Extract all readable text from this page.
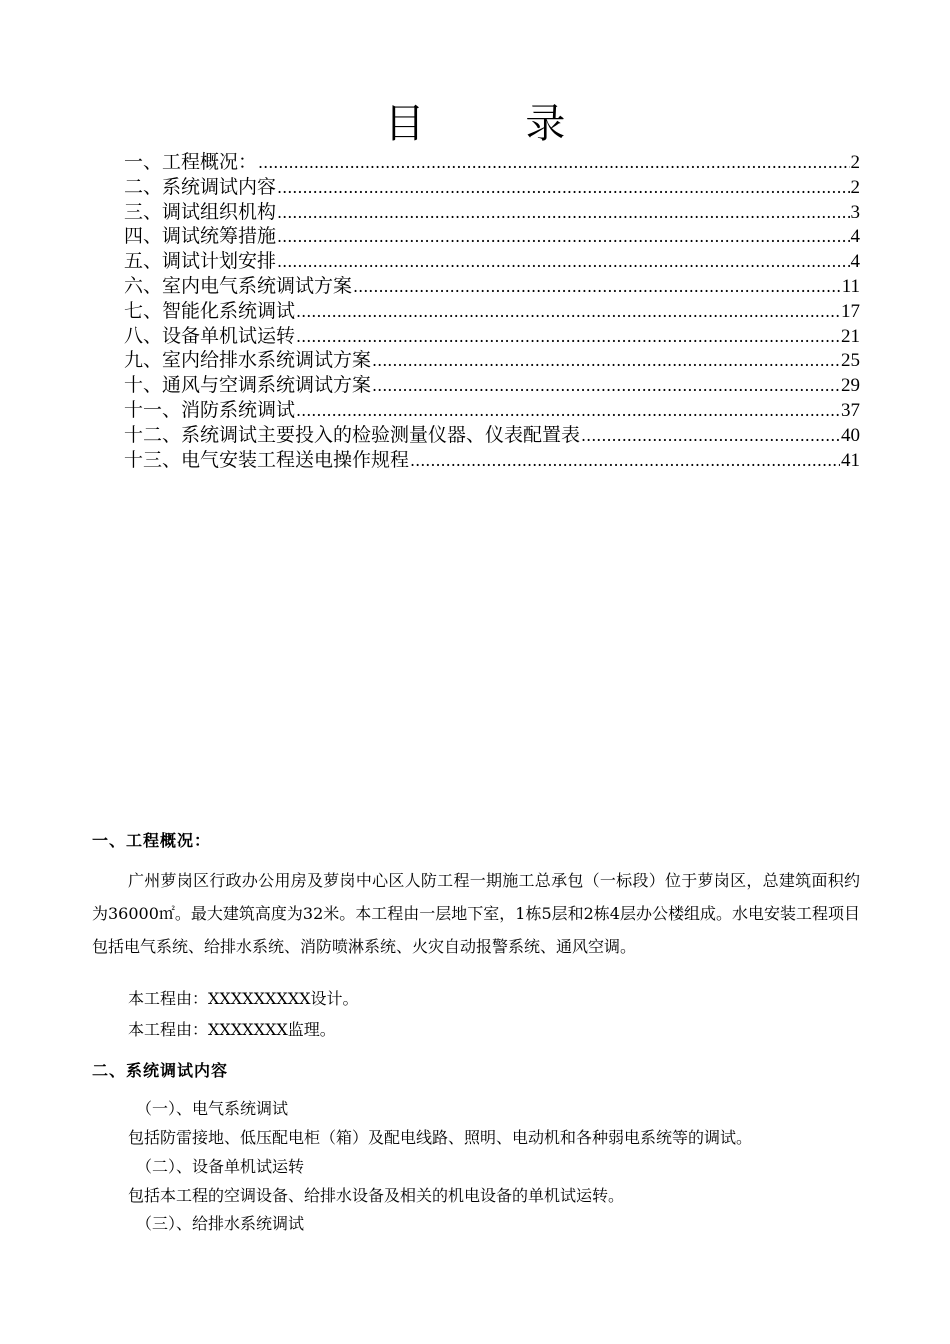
目 录
一、工程概况： .....	2
二、系统调试内容 .....	2
三、调试组织机构 .....	3
四、调试统筹措施 .....	4
五、调试计划安排 .....	4
六、室内电气系统调试方案 .....	11
七、智能化系统调试 .....	17
八、设备单机试运转 .....	21
九、室内给排水系统调试方案 .....	25
十、通风与空调系统调试方案 .....	29
十一、消防系统调试 .....	37
十二、系统调试主要投入的检验测量仪器、仪表配置表 .....	40
十三、电气安装工程送电操作规程 .....	41
一、工程概况：

广州萝岗区行政办公用房及萝岗中心区人防工程一期施工总承包（一标段）位于萝岗区，总建筑面积约为36000㎡。最大建筑高度为32米。本工程由一层地下室，1栋5层和2栋4层办公楼组成。水电安装工程项目包括电气系统、给排水系统、消防喷淋系统、火灾自动报警系统、通风空调。

本工程由：XXXXXXXXX设计。

本工程由：XXXXXXX监理。

二、系统调试内容

（一）、电气系统调试

包括防雷接地、低压配电柜（箱）及配电线路、照明、电动机和各种弱电系统等的调试。

（二）、设备单机试运转

包括本工程的空调设备、给排水设备及相关的机电设备的单机试运转。

（三）、给排水系统调试
